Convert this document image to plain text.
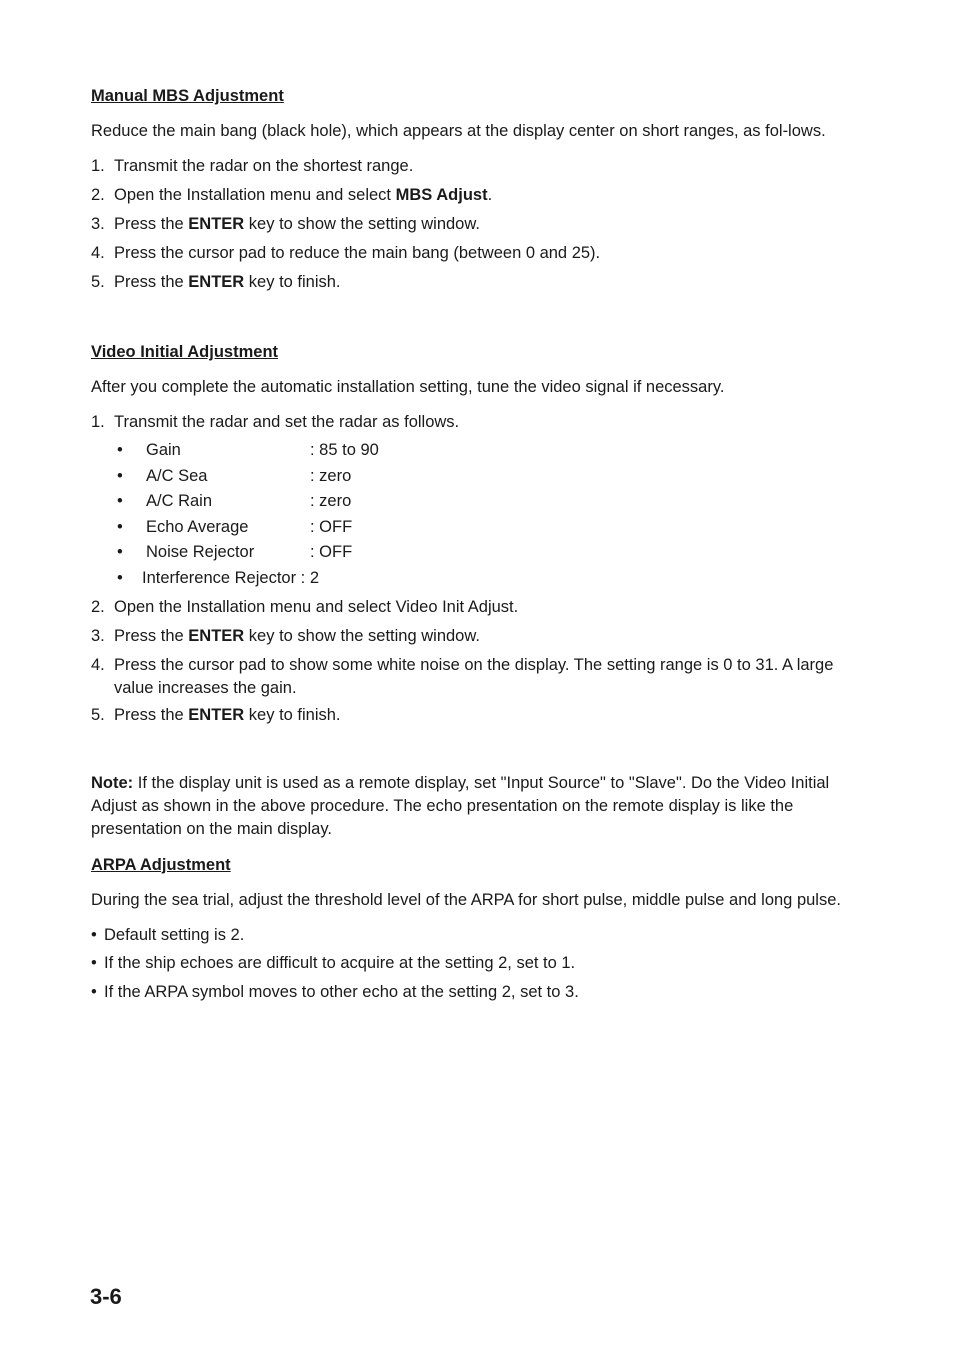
Manual MBS Adjustment

Reduce the main bang (black hole), which appears at the display center on short ranges, as fol-lows.

1. Transmit the radar on the shortest range.
2. Open the Installation menu and select MBS Adjust.
3. Press the ENTER key to show the setting window.
4. Press the cursor pad to reduce the main bang (between 0 and 25).
5. Press the ENTER key to finish.
Video Initial Adjustment

After you complete the automatic installation setting, tune the video signal if necessary.

1. Transmit the radar and set the radar as follows.
• Gain	: 85 to 90
• A/C Sea	: zero
• A/C Rain	: zero
• Echo Average	: OFF
• Noise Rejector	: OFF
• Interference Rejector : 2
2. Open the Installation menu and select Video Init Adjust.
3. Press the ENTER key to show the setting window.
4. Press the cursor pad to show some white noise on the display. The setting range is 0 to 31. A large value increases the gain.
5. Press the ENTER key to finish.

Note: If the display unit is used as a remote display, set "Input Source" to "Slave". Do the Video Initial Adjust as shown in the above procedure. The echo presentation on the remote display is like the presentation on the main display.

ARPA Adjustment

During the sea trial, adjust the threshold level of the ARPA for short pulse, middle pulse and long pulse.

• Default setting is 2.
• If the ship echoes are difficult to acquire at the setting 2, set to 1.
• If the ARPA symbol moves to other echo at the setting 2, set to 3.
3-6
